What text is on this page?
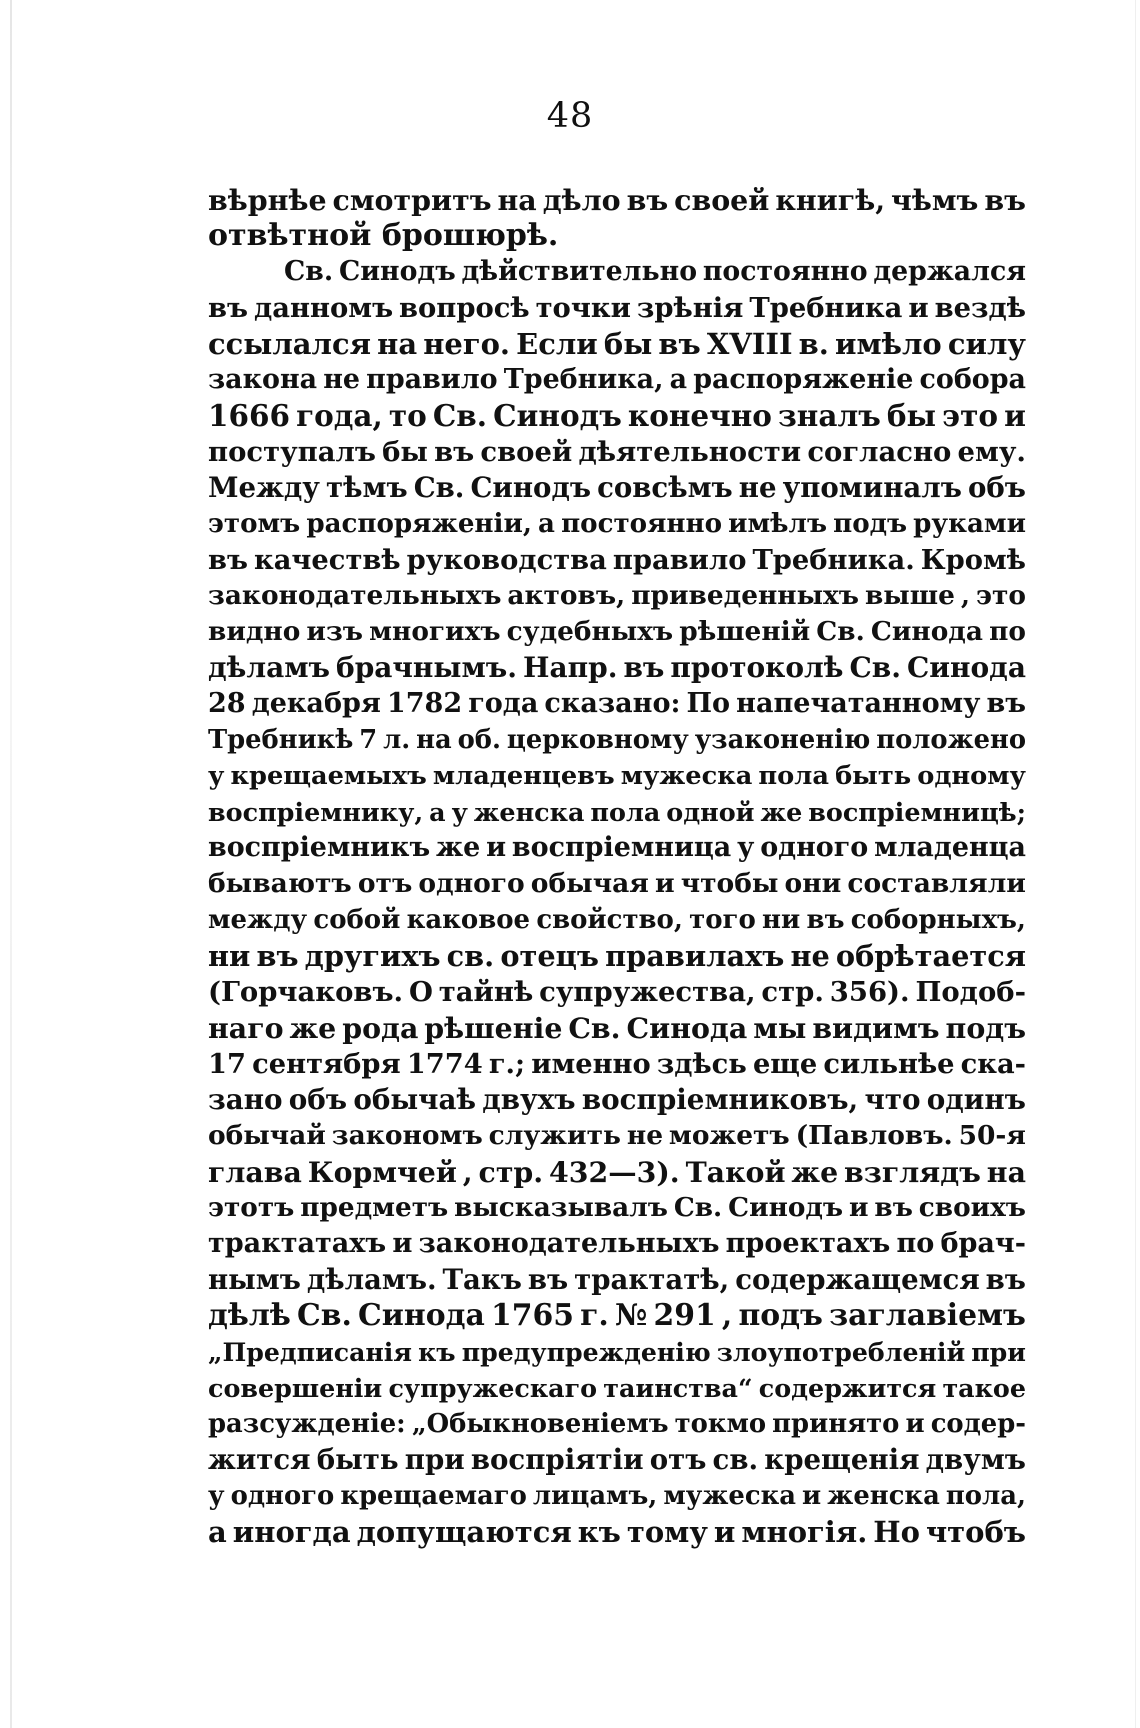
48
вѣрнѣе смотритъ на дѣло въ своей книгѣ, чѣмъ въ
отвѣтной брошюрѣ.
Св. Синодъ дѣйствительно постоянно держался
въ данномъ вопросѣ точки зрѣнія Требника и вездѣ
ссылался на него. Если бы въ XVIII в. имѣло силу
закона не правило Требника, а распоряженіе собора
1666 года, то Св. Синодъ конечно зналъ бы это и
поступалъ бы въ своей дѣятельности согласно ему.
Между тѣмъ Св. Синодъ совсѣмъ не упоминалъ объ
этомъ распоряженіи, а постоянно имѣлъ подъ руками
въ качествѣ руководства правило Требника. Кромѣ
законодательныхъ актовъ, приведенныхъ выше , это
видно изъ многихъ судебныхъ рѣшеній Св. Синода по
дѣламъ брачнымъ. Напр. въ протоколѣ Св. Синода
28 декабря 1782 года сказано: По напечатанному въ
Требникѣ 7 л. на об. церковному узаконенію положено
у крещаемыхъ младенцевъ мужеска пола быть одному
воспріемнику, а у женска пола одной же воспріемницѣ;
воспріемникъ же и воспріемница у одного младенца
бываютъ отъ одного обычая и чтобы они составляли
между собой каковое свойство, того ни въ соборныхъ,
ни въ другихъ св. отецъ правилахъ не обрѣтается
(Горчаковъ. О тайнѣ супружества, стр. 356). Подоб-
наго же рода рѣшеніе Св. Синода мы видимъ подъ
17 сентября 1774 г.; именно здѣсь еще сильнѣе ска-
зано объ обычаѣ двухъ воспріемниковъ, что одинъ
обычай закономъ служить не можетъ (Павловъ. 50-я
глава Кормчей , стр. 432—3). Такой же взглядъ на
этотъ предметъ высказывалъ Св. Синодъ и въ своихъ
трактатахъ и законодательныхъ проектахъ по брач-
нымъ дѣламъ. Такъ въ трактатѣ, содержащемся въ
дѣлѣ Св. Синода 1765 г. № 291 , подъ заглавіемъ
„Предписанія къ предупрежденію злоупотребленій при
совершеніи супружескаго таинства“ содержится такое
разсужденіе: „Обыкновеніемъ токмо принято и содер-
жится быть при воспріятіи отъ св. крещенія двумъ
у одного крещаемаго лицамъ, мужеска и женска пола,
а иногда допущаются къ тому и многія. Но чтобъ
